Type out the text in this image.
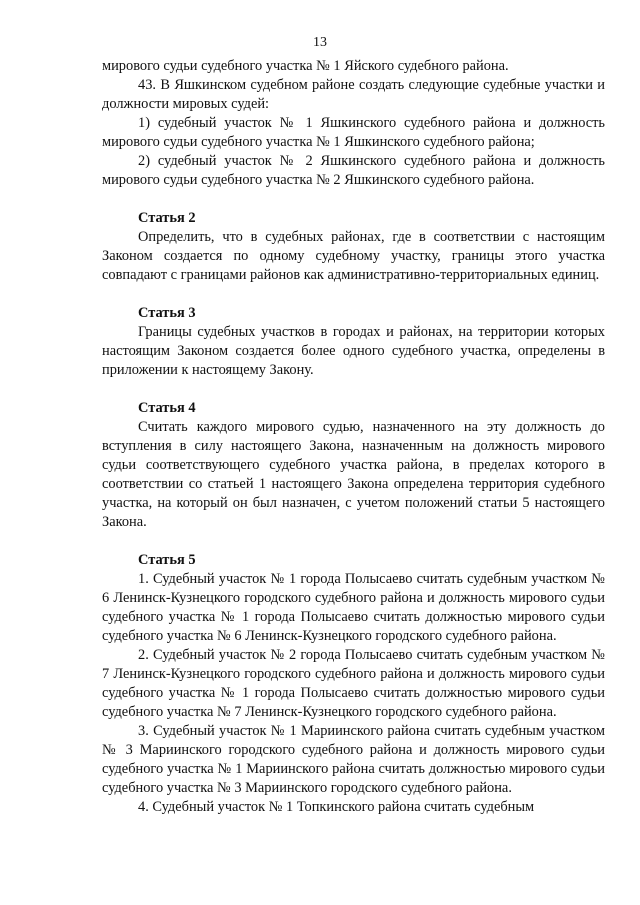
13

мирового судьи судебного участка № 1 Яйского судебного района.

43. В Яшкинском судебном районе создать следующие судебные участки и должности мировых судей:

1) судебный участок № 1 Яшкинского судебного района и должность мирового судьи судебного участка № 1 Яшкинского судебного района;

2) судебный участок № 2 Яшкинского судебного района и должность мирового судьи судебного участка № 2 Яшкинского судебного района.

Статья 2

Определить, что в судебных районах, где в соответствии с настоящим Законом создается по одному судебному участку, границы этого участка совпадают с границами районов как административно-территориальных единиц.

Статья 3

Границы судебных участков в городах и районах, на территории которых настоящим Законом создается более одного судебного участка, определены в приложении к настоящему Закону.

Статья 4

Считать каждого мирового судью, назначенного на эту должность до вступления в силу настоящего Закона, назначенным на должность мирового судьи соответствующего судебного участка района, в пределах которого в соответствии со статьей 1 настоящего Закона определена территория судебного участка, на который он был назначен, с учетом положений статьи 5 настоящего Закона.

Статья 5

1. Судебный участок № 1 города Полысаево считать судебным участком № 6 Ленинск-Кузнецкого городского судебного района и должность мирового судьи судебного участка № 1 города Полысаево считать должностью мирового судьи судебного участка № 6 Ленинск-Кузнецкого городского судебного района.

2. Судебный участок № 2 города Полысаево считать судебным участком № 7 Ленинск-Кузнецкого городского судебного района и должность мирового судьи судебного участка № 1 города Полысаево считать должностью мирового судьи судебного участка № 7 Ленинск-Кузнецкого городского судебного района.

3. Судебный участок № 1 Мариинского района считать судебным участком № 3 Мариинского городского судебного района и должность мирового судьи судебного участка № 1 Мариинского района считать должностью мирового судьи судебного участка № 3 Мариинского городского судебного района.

4. Судебный участок № 1 Топкинского района считать судебным
